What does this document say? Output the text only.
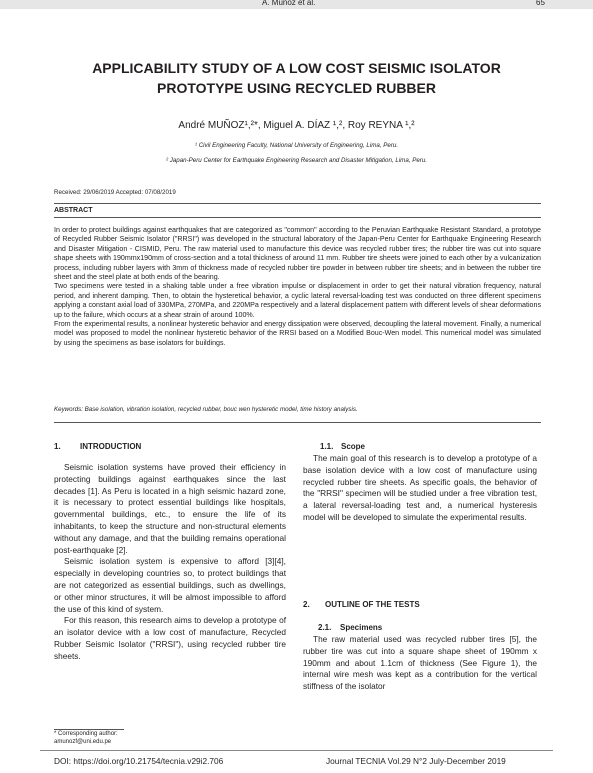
A. Muñoz et al.	65
APPLICABILITY STUDY OF A LOW COST SEISMIC ISOLATOR
PROTOTYPE USING RECYCLED RUBBER
André MUÑOZ¹,²*, Miguel A. DÍAZ ¹,², Roy REYNA ¹,²
¹ Civil Engineering Faculty, National University of Engineering, Lima, Peru.
² Japan-Peru Center for Earthquake Engineering Research and Disaster Mitigation, Lima, Peru.
Received: 29/06/2019 Accepted: 07/08/2019
ABSTRACT

In order to protect buildings against earthquakes that are categorized as "common" according to the Peruvian Earthquake Resistant Standard, a prototype of Recycled Rubber Seismic Isolator ("RRSI") was developed in the structural laboratory of the Japan-Peru Center for Earthquake Engineering Research and Disaster Mitigation - CISMID, Peru. The raw material used to manufacture this device was recycled rubber tires; the rubber tire was cut into square shape sheets with 190mmx190mm of cross-section and a total thickness of around 11 mm. Rubber tire sheets were joined to each other by a vulcanization process, including rubber layers with 3mm of thickness made of recycled rubber tire powder in between rubber tire sheets; and in between the rubber tire sheet and the steel plate at both ends of the bearing.

Two specimens were tested in a shaking table under a free vibration impulse or displacement in order to get their natural vibration frequency, natural period, and inherent damping. Then, to obtain the hysteretical behavior, a cyclic lateral reversal-loading test was conducted on three different specimens applying a constant axial load of 330MPa, 270MPa, and 220MPa respectively and a lateral displacement pattern with different levels of shear deformations up to the failure, which occurs at a shear strain of around 100%.

From the experimental results, a nonlinear hysteretic behavior and energy dissipation were observed, decoupling the lateral movement. Finally, a numerical model was proposed to model the nonlinear hysteretic behavior of the RRSI based on a Modified Bouc-Wen model. This numerical model was simulated by using the specimens as base isolators for buildings.

Keywords: Base isolation, vibration isolation, recycled rubber, bouc wen hysteretic model, time history analysis.
1. INTRODUCTION

Seismic isolation systems have proved their efficiency in protecting buildings against earthquakes since the last decades [1]. As Peru is located in a high seismic hazard zone, it is necessary to protect essential buildings like hospitals, governmental buildings, etc., to ensure the life of its inhabitants, to keep the structure and non-structural elements without any damage, and that the building remains operational post-earthquake [2].

Seismic isolation system is expensive to afford [3][4], especially in developing countries so, to protect buildings that are not categorized as essential buildings, such as dwellings, or other minor structures, it will be almost impossible to afford the use of this kind of system.

For this reason, this research aims to develop a prototype of an isolator device with a low cost of manufacture, Recycled Rubber Seismic Isolator ("RRSI"), using recycled rubber tire sheets.

1.1. Scope

The main goal of this research is to develop a prototype of a base isolation device with a low cost of manufacture using recycled rubber tire sheets. As specific goals, the behavior of the "RRSI" specimen will be studied under a free vibration test, a lateral reversal-loading test and, a numerical hysteresis model will be developed to simulate the experimental results.

2. OUTLINE OF THE TESTS
2.1. Specimens

The raw material used was recycled rubber tires [5], the rubber tire was cut into a square shape sheet of 190mm x 190mm and about 1.1cm of thickness (See Figure 1), the internal wire mesh was kept as a contribution for the vertical stiffness of the isolator

* Corresponding author:
amunozf@uni.edu.pe
DOI: https://doi.org/10.21754/tecnia.v29i2.706	Journal TECNIA Vol.29 N°2 July-December 2019
